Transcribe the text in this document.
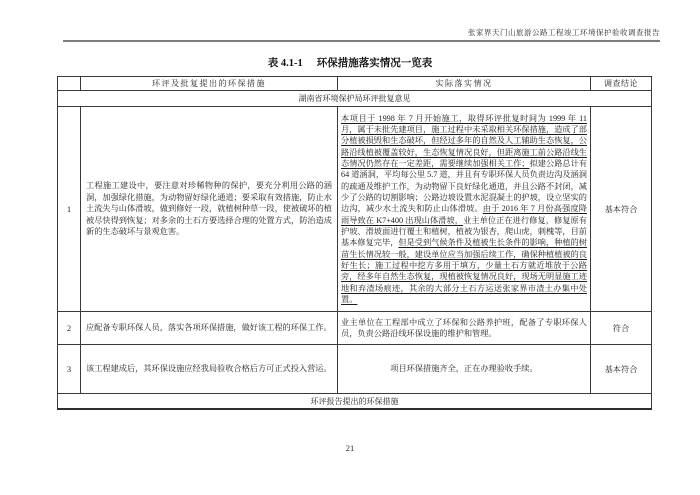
张家界天门山旅游公路工程竣工环境保护验收调查报告
表 4.1-1 环保措施落实情况一览表
	环评及批复提出的环保措施	实际落实情况	调查结论
湖南省环境保护局环评批复意见			
1	工程施工建设中，要注意对珍稀物种的保护，要充分利用公路的涵洞，加强绿化措施，为动物留好绿化通道；要采取有效措施，防止水土流失与山体滑坡，做到修好一段，就植树种草一段，使被破坏的植被尽快得到恢复；对多余的土石方要选择合理的处置方式，防治造成新的生态破坏与景观危害。	本项目于 1998 年 7 月开始施工，取得环评批复时间为 1999 年 11 月，属于未批先建项目，施工过程中未采取相关环保措施，造成了部分植被损毁和生态破坏，但经过多年的自然及人工辅助生态恢复，公路沿线植被覆盖较好，生态恢复情况良好，但距离施工前公路沿线生态情况仍然存在一定差距，需要继续加强相关工作；拟建公路总计有 64 道涵洞，平均每公里 5.7 道，并且有专职环保人员负责边沟及涵洞的疏通及维护工作，为动物留下良好绿化通道，并且公路不封闭，减少了公路的切割影响；公路边坡设置水泥混凝土的护坡，设立坚实的边沟，减少水土流失和防止山体滑坡。由于 2016 年 7 月份高强度降雨导致在 K7+400 出现山体滑坡，业主单位正在进行修复，修复原有护坡、滑坡面进行覆土和植树，植被为银杏，爬山虎，刺槐等，目前基本修复完毕，但是受到气候条件及植被生长条件的影响，种植的树苗生长情况较一般，建设单位应当加强后续工作，确保种植植被的良好生长；施工过程中挖方多用于填方，少量土石方就近堆放于公路旁，经多年自然生态恢复，现植被恢复情况良好，现场无明显施工迹地和弃渣场痕迹，其余的大部分土石方运送张家界市渣土办集中处置。	基本符合
2	应配备专职环保人员，落实各项环保措施，做好该工程的环保工作。	业主单位在工程部中成立了环保和公路养护班，配备了专职环保人员，负责公路沿线环保设施的维护和管理。	符合
3	该工程建成后，其环保设施应经我局验收合格后方可正式投入营运。	项目环保措施齐全，正在办理验收手续。	基本符合
环评报告提出的环保措施			
21
